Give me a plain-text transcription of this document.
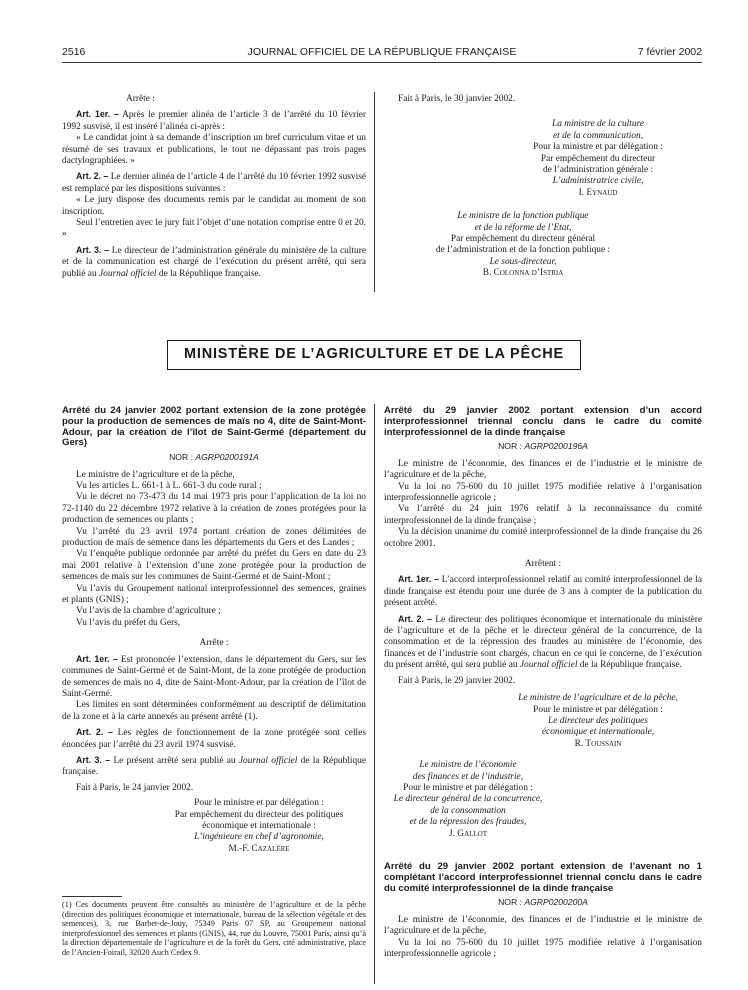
2516	JOURNAL OFFICIEL DE LA RÉPUBLIQUE FRANÇAISE	7 février 2002

Arrête :

Art. 1er. – Après le premier alinéa de l’article 3 de l’arrêté du 10 février 1992 susvisé, il est inséré l’alinéa ci-après :

« Le candidat joint à sa demande d’inscription un bref curriculum vitae et un résumé de ses travaux et publications, le tout ne dépassant pas trois pages dactylographiées. »

Art. 2. – Le dernier alinéa de l’article 4 de l’arrêté du 10 février 1992 susvisé est remplacé par les dispositions suivantes :

« Le jury dispose des documents remis par le candidat au moment de son inscription.

Seul l’entretien avec le jury fait l’objet d’une notation comprise entre 0 et 20. »

Art. 3. – Le directeur de l’administration générale du ministère de la culture et de la communication est chargé de l’exécution du présent arrêté, qui sera publié au Journal officiel de la République française.

Fait à Paris, le 30 janvier 2002.

La ministre de la culture

et de la communication,

Pour la ministre et par délégation :

Par empêchement du directeur

de l’administration générale :

L’administratrice civile,

I. Eynaud

Le ministre de la fonction publique

et de la réforme de l’Etat,

Par empêchement du directeur général

de l’administration et de la fonction publique :

Le sous-directeur,

B. Colonna d’Istria

MINISTÈRE DE L’AGRICULTURE ET DE LA PÊCHE

Arrêté du 24 janvier 2002 portant extension de la zone protégée pour la production de semences de maïs no 4, dite de Saint-Mont-Adour, par la création de l’îlot de Saint-Germé (département du Gers)

NOR : AGRP0200191A

Le ministre de l’agriculture et de la pêche,

Vu les articles L. 661-1 à L. 661-3 du code rural ;

Vu le décret no 73-473 du 14 mai 1973 pris pour l’application de la loi no 72-1140 du 22 décembre 1972 relative à la création de zones protégées pour la production de semences ou plants ;

Vu l’arrêté du 23 avril 1974 portant création de zones délimitées de production de maïs de semence dans les départements du Gers et des Landes ;

Vu l’enquête publique ordonnée par arrêté du préfet du Gers en date du 23 mai 2001 relative à l’extension d’une zone protégée pour la production de semences de maïs sur les communes de Saint-Germé et de Saint-Mont ;

Vu l’avis du Groupement national interprofessionnel des semences, graines et plants (GNIS) ;

Vu l’avis de la chambre d’agriculture ;

Vu l’avis du préfet du Gers,

Arrête :

Art. 1er. – Est prononcée l’extension, dans le département du Gers, sur les communes de Saint-Germé et de Saint-Mont, de la zone protégée de production de semences de maïs no 4, dite de Saint-Mont-Adour, par la création de l’îlot de Saint-Germé.

Les limites en sont déterminées conformément au descriptif de délimitation de la zone et à la carte annexés au présent arrêté (1).

Art. 2. – Les règles de fonctionnement de la zone protégée sont celles énoncées par l’arrêté du 23 avril 1974 susvisé.

Art. 3. – Le présent arrêté sera publié au Journal officiel de la République française.

Fait à Paris, le 24 janvier 2002.

Pour le ministre et par délégation :

Par empêchement du directeur des politiques

économique et internationale :

L’ingénieure en chef d’agronomie,

M.-F. Cazalère

(1) Ces documents peuvent être consultés au ministère de l’agriculture et de la pêche (direction des politiques économique et internationale, bureau de la sélection végétale et des semences), 3, rue Barbet-de-Jouy, 75349 Paris 07 SP, au Groupement national interprofessionnel des semences et plants (GNIS), 44, rue du Louvre, 75001 Paris, ainsi qu’à la direction départementale de l’agriculture et de la forêt du Gers, cité administrative, place de l’Ancien-Foirail, 32020 Auch Cedex 9.

Arrêté du 29 janvier 2002 portant extension d’un accord interprofessionnel triennal conclu dans le cadre du comité interprofessionnel de la dinde française

NOR : AGRP0200196A

Le ministre de l’économie, des finances et de l’industrie et le ministre de l’agriculture et de la pêche,

Vu la loi no 75-600 du 10 juillet 1975 modifiée relative à l’organisation interprofessionnelle agricole ;

Vu l’arrêté du 24 juin 1976 relatif à la reconnaissance du comité interprofessionnel de la dinde française ;

Vu la décision unanime du comité interprofessionnel de la dinde française du 26 octobre 2001.

Arrêtent :

Art. 1er. – L’accord interprofessionnel relatif au comité interprofessionnel de la dinde française est étendu pour une durée de 3 ans à compter de la publication du présent arrêté.

Art. 2. – Le directeur des politiques économique et internationale du ministère de l’agriculture et de la pêche et le directeur général de la concurrence, de la consommation et de la répression des fraudes au ministère de l’économie, des finances et de l’industrie sont chargés, chacun en ce qui le concerne, de l’exécution du présent arrêté, qui sera publié au Journal officiel de la République française.

Fait à Paris, le 29 janvier 2002.

Le ministre de l’agriculture et de la pêche,

Pour le ministre et par délégation :

Le directeur des politiques

économique et internationale,

R. Toussain

Le ministre de l’économie

des finances et de l’industrie,

Pour le ministre et par délégation :

Le directeur général de la concurrence,

de la consommation

et de la répression des fraudes,

J. Gallot

Arrêté du 29 janvier 2002 portant extension de l’avenant no 1 complétant l’accord interprofessionnel triennal conclu dans le cadre du comité interprofessionnel de la dinde française

NOR : AGRP0200200A

Le ministre de l’économie, des finances et de l’industrie et le ministre de l’agriculture et de la pêche,

Vu la loi no 75-600 du 10 juillet 1975 modifiée relative à l’organisation interprofessionnelle agricole ;
